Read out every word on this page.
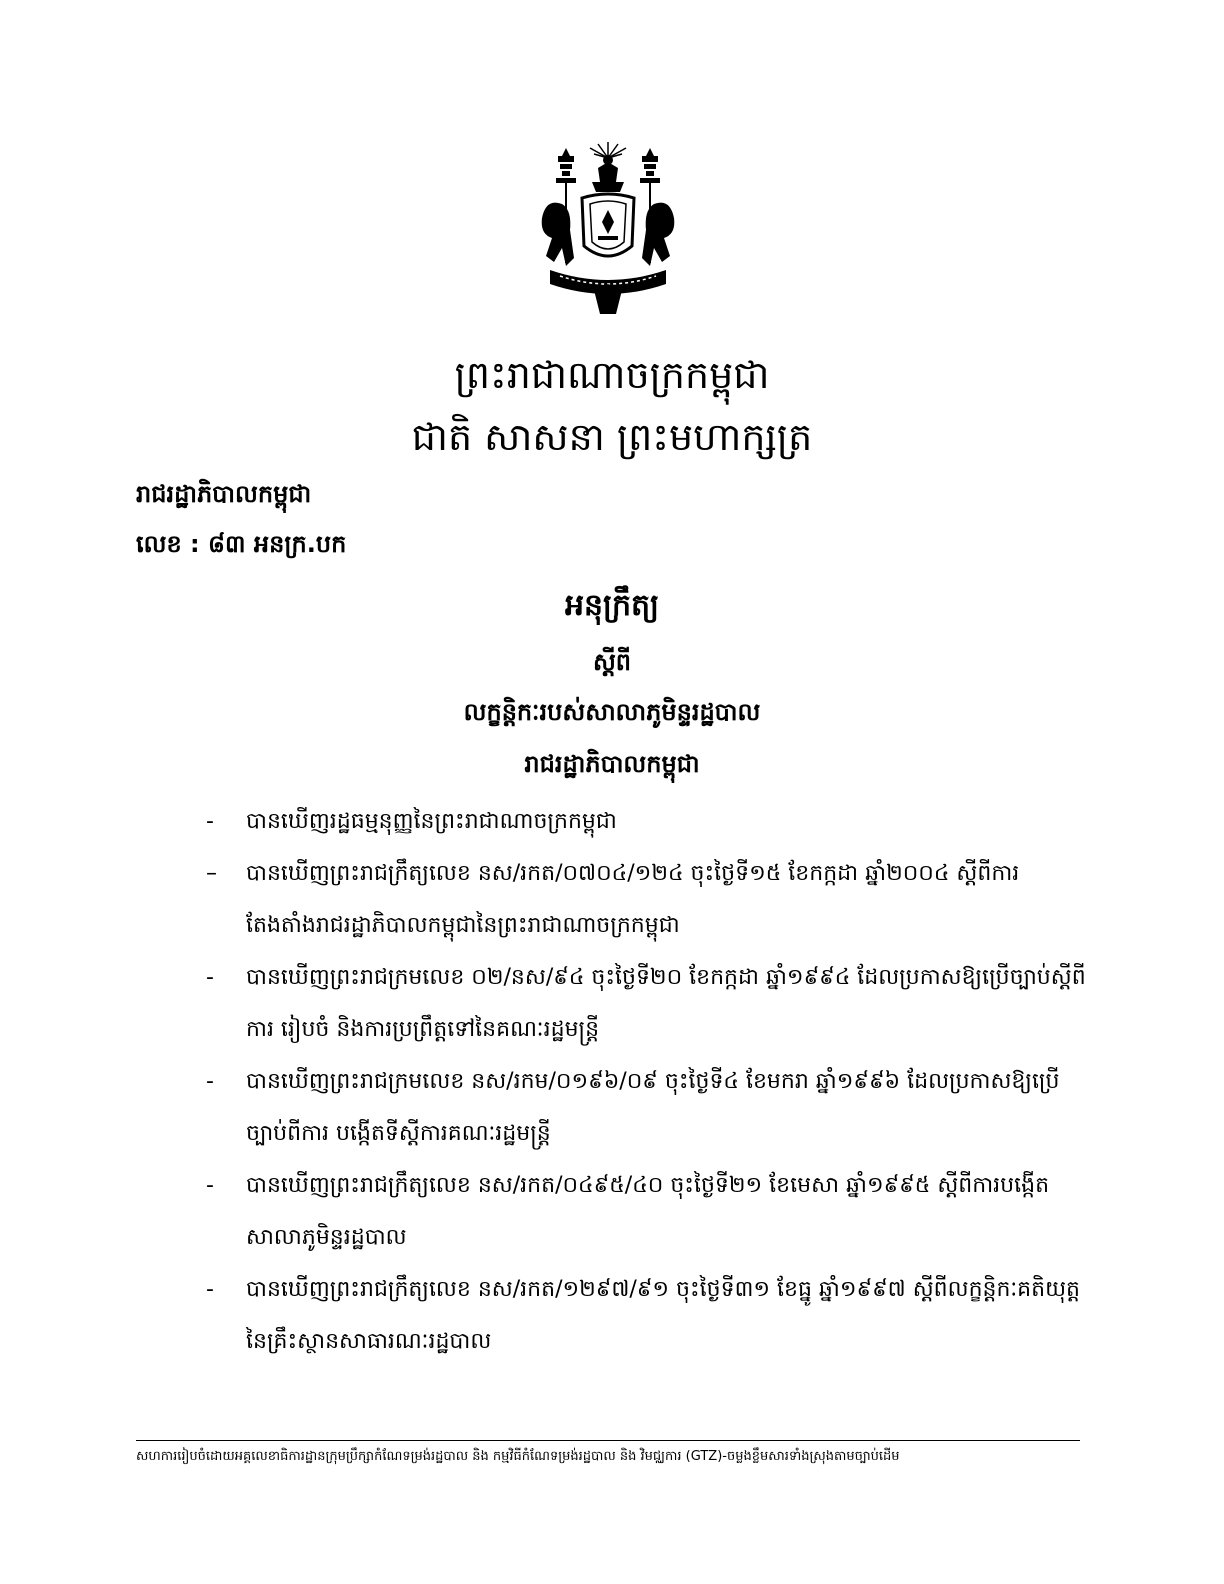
ព្រះរាជាណាចក្រកម្ពុជា
ជាតិ សាសនា ព្រះមហាក្សត្រ
រាជរដ្ឋាភិបាលកម្ពុជា
លេខ : ៨៣ អនក្រ.បក
អនុក្រឹត្យ
ស្តីពី
លក្ខន្តិកៈរបស់សាលាភូមិន្ទរដ្ឋបាល
រាជរដ្ឋាភិបាលកម្ពុជា
-	បានឃើញរដ្ឋធម្មនុញ្ញនៃព្រះរាជាណាចក្រកម្ពុជា
–	បានឃើញព្រះរាជក្រឹត្យលេខ នស/រកត/០៧០៤/១២៤ ចុះថ្ងៃទី១៥ ខែកក្កដា ឆ្នាំ២០០៤ ស្តីពីការតែងតាំងរាជរដ្ឋាភិបាលកម្ពុជានៃព្រះរាជាណាចក្រកម្ពុជា
-	បានឃើញព្រះរាជក្រមលេខ ០២/នស/៩៤ ចុះថ្ងៃទី២០ ខែកក្កដា ឆ្នាំ១៩៩៤ ដែលប្រកាសឱ្យប្រើច្បាប់ស្តីពីការ រៀបចំ និងការប្រព្រឹត្តទៅនៃគណៈរដ្ឋមន្ត្រី
-	បានឃើញព្រះរាជក្រមលេខ នស/រកម/០១៩៦/០៩ ចុះថ្ងៃទី៤ ខែមករា ឆ្នាំ១៩៩៦ ដែលប្រកាសឱ្យប្រើច្បាប់ពីការ បង្កើតទីស្តីការគណៈរដ្ឋមន្ត្រី
-	បានឃើញព្រះរាជក្រឹត្យលេខ នស/រកត/០៤៩៥/៤០ ចុះថ្ងៃទី២១ ខែមេសា ឆ្នាំ១៩៩៥ ស្តីពីការបង្កើតសាលាភូមិន្ទរដ្ឋបាល
-	បានឃើញព្រះរាជក្រឹត្យលេខ នស/រកត/១២៩៧/៩១ ចុះថ្ងៃទី៣១ ខែធ្នូ ឆ្នាំ១៩៩៧ ស្តីពីលក្ខន្តិកៈគតិយុត្តនៃគ្រឹះស្ថានសាធារណៈរដ្ឋបាល
សហការរៀបចំដោយអគ្គលេខាធិការដ្ឋានក្រុមប្រឹក្សាកំណែទម្រង់រដ្ឋបាល និង កម្មវិធីកំណែទម្រង់រដ្ឋបាល និង វិមជ្ឈការ (GTZ)-ចម្លងខ្លឹមសារទាំងស្រុងតាមច្បាប់ដើម
